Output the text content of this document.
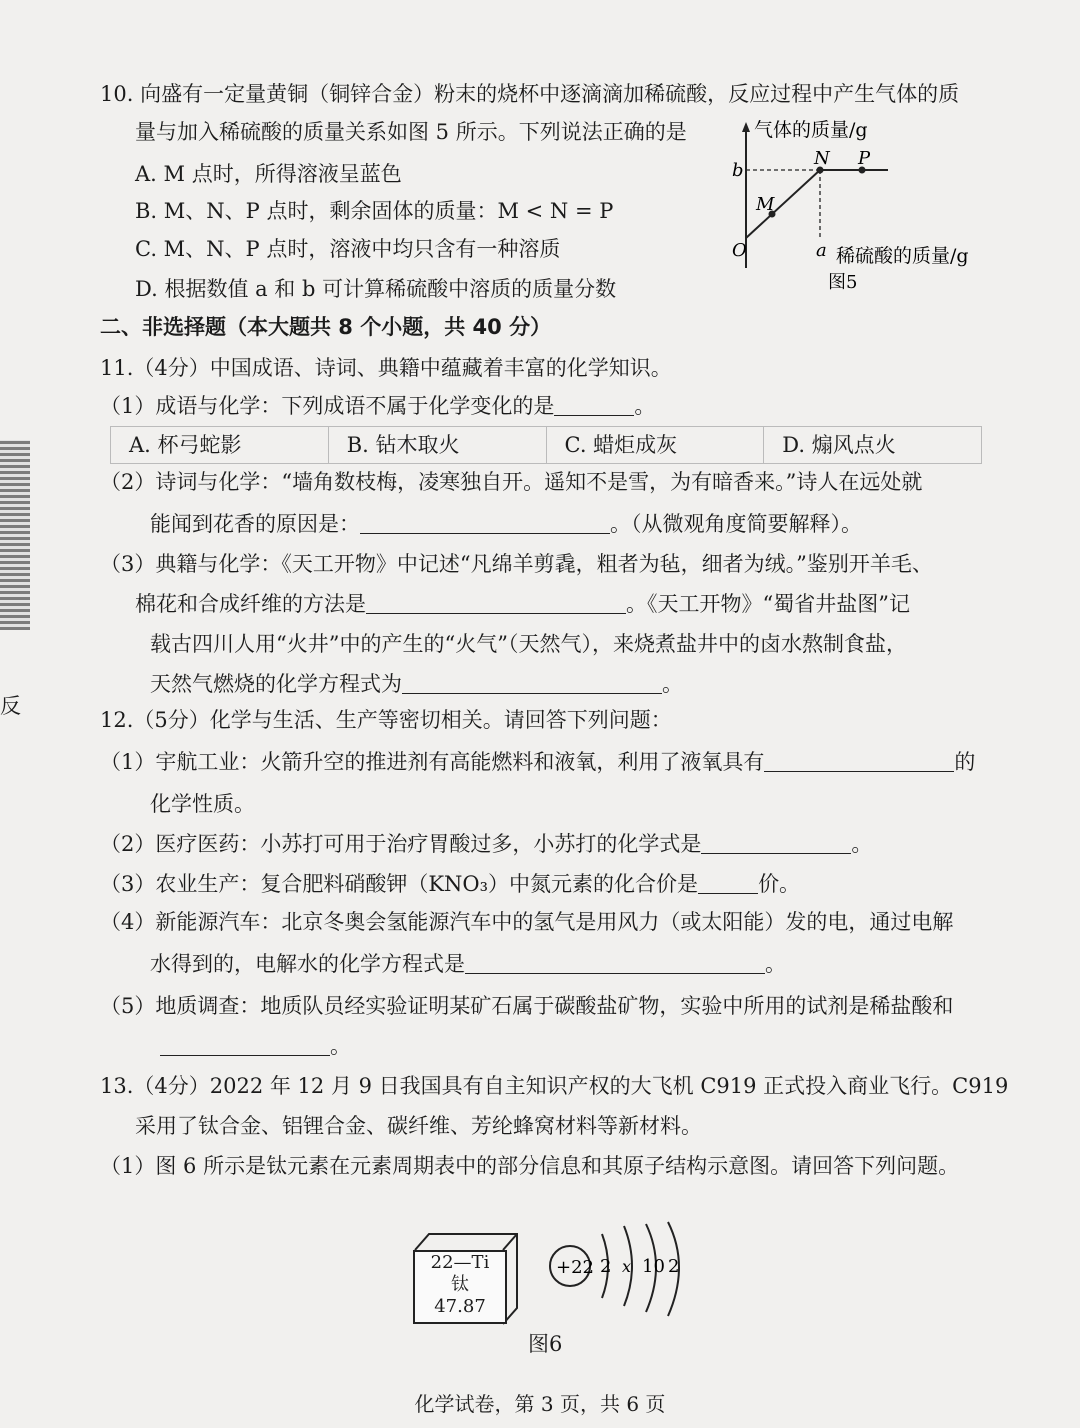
10. 向盛有一定量黄铜（铜锌合金）粉末的烧杯中逐滴滴加稀硫酸，反应过程中产生气体的质
量与加入稀硫酸的质量关系如图 5 所示。下列说法正确的是
A. M 点时，所得溶液呈蓝色
B. M、N、P 点时，剩余固体的质量：M < N = P
C. M、N、P 点时，溶液中均只含有一种溶质
D. 根据数值 a 和 b 可计算稀硫酸中溶质的质量分数
气体的质量/g
b
N P
M
O	a 稀硫酸的质量/g
图5
二、非选择题（本大题共 8 个小题，共 40 分）
11.（4分）中国成语、诗词、典籍中蕴藏着丰富的化学知识。
（1）成语与化学：下列成语不属于化学变化的是	。
A. 杯弓蛇影	B. 钻木取火	C. 蜡炬成灰	D. 煽风点火
（2）诗词与化学：“墙角数枝梅，凌寒独自开。遥知不是雪，为有暗香来。”诗人在远处就
能闻到花香的原因是：	。（从微观角度简要解释）。
（3）典籍与化学：《天工开物》中记述“凡绵羊剪毳，粗者为毡，细者为绒。”鉴别开羊毛、
棉花和合成纤维的方法是	。《天工开物》“蜀省井盐图”记
载古四川人用“火井”中的产生的“火气”（天然气），来烧煮盐井中的卤水熬制食盐，
天然气燃烧的化学方程式为	。
12.（5分）化学与生活、生产等密切相关。请回答下列问题：
（1）宇航工业：火箭升空的推进剂有高能燃料和液氧，利用了液氧具有	的
化学性质。
（2）医疗医药：小苏打可用于治疗胃酸过多，小苏打的化学式是	。
（3）农业生产：复合肥料硝酸钾（KNO₃）中氮元素的化合价是	价。
（4）新能源汽车：北京冬奥会氢能源汽车中的氢气是用风力（或太阳能）发的电，通过电解
水得到的，电解水的化学方程式是	。
（5）地质调查：地质队员经实验证明某矿石属于碳酸盐矿物，实验中所用的试剂是稀盐酸和
。
13.（4分）2022 年 12 月 9 日我国具有自主知识产权的大飞机 C919 正式投入商业飞行。C919
采用了钛合金、铝锂合金、碳纤维、芳纶蜂窝材料等新材料。
（1）图 6 所示是钛元素在元素周期表中的部分信息和其原子结构示意图。请回答下列问题。
22—Ti
钛
47.87
+22 2 x 10 2
图6
反
化学试卷，第 3 页，共 6 页
